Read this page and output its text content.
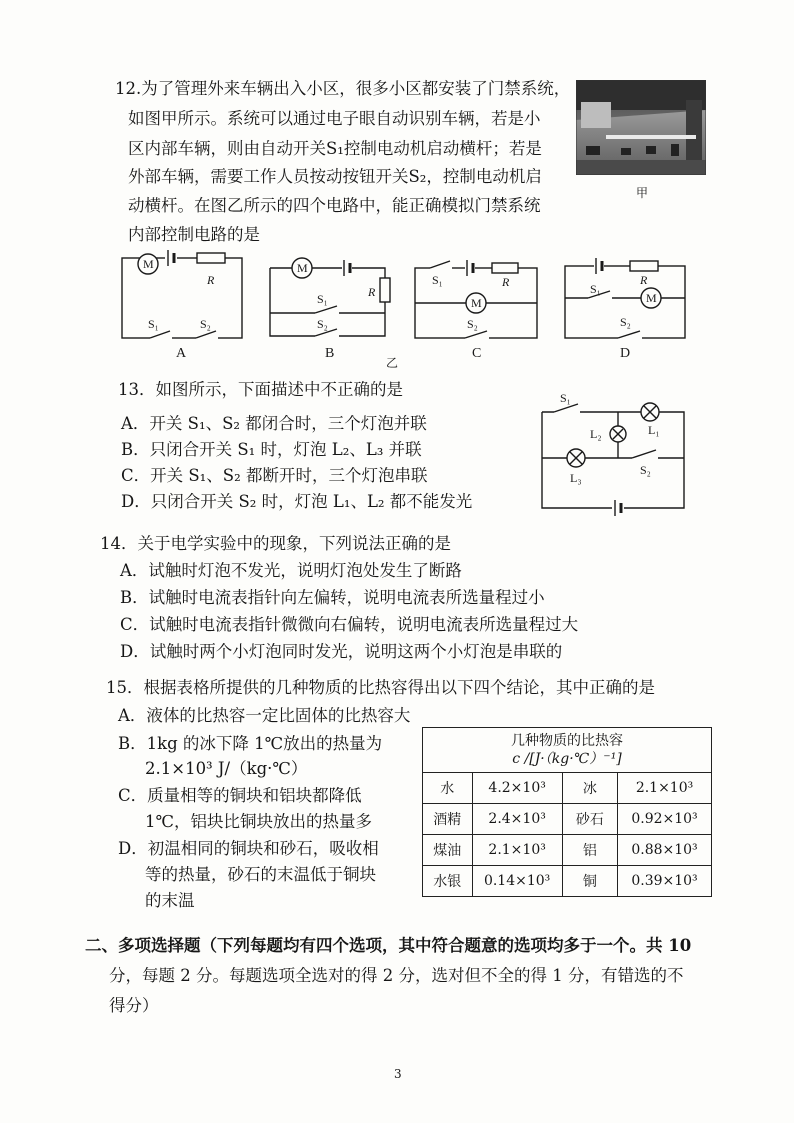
12.为了管理外来车辆出入小区，很多小区都安装了门禁系统，
如图甲所示。系统可以通过电子眼自动识别车辆，若是小
区内部车辆，则由自动开关S₁控制电动机启动横杆；若是
外部车辆，需要工作人员按动按钮开关S₂，控制电动机启
动横杆。在图乙所示的四个电路中，能正确模拟门禁系统
内部控制电路的是
甲
M
R
S₁	S₂
M
R
S₁
S₂
S₁	R
M
S₂
R
S₁
M
S₂
A	B	C	D
乙
13．如图所示，下面描述中不正确的是
A．开关 S₁、S₂ 都闭合时，三个灯泡并联
B．只闭合开关 S₁ 时，灯泡 L₂、L₃ 并联
C．开关 S₁、S₂ 都断开时，三个灯泡串联
D．只闭合开关 S₂ 时，灯泡 L₁、L₂ 都不能发光
S₁
L₁
L₂
L₃
S₂
14．关于电学实验中的现象，下列说法正确的是
A．试触时灯泡不发光，说明灯泡处发生了断路
B．试触时电流表指针向左偏转，说明电流表所选量程过小
C．试触时电流表指针微微向右偏转，说明电流表所选量程过大
D．试触时两个小灯泡同时发光，说明这两个小灯泡是串联的
15．根据表格所提供的几种物质的比热容得出以下四个结论，其中正确的是
A．液体的比热容一定比固体的比热容大
B．1kg 的冰下降 1℃放出的热量为
2.1×10³ J/（kg·℃）
C．质量相等的铜块和铝块都降低
1℃，铝块比铜块放出的热量多
D．初温相同的铜块和砂石，吸收相
等的热量，砂石的末温低于铜块
的末温
几种物质的比热容
c /[J·（kg·℃）⁻¹]			

水	4.2×10³	冰	2.1×10³
酒精	2.4×10³	砂石	0.92×10³
煤油	2.1×10³	铝	0.88×10³
水银	0.14×10³	铜	0.39×10³
二、多项选择题（下列每题均有四个选项，其中符合题意的选项均多于一个。共 10
分，每题 2 分。每题选项全选对的得 2 分，选对但不全的得 1 分，有错选的不
得分）
3
